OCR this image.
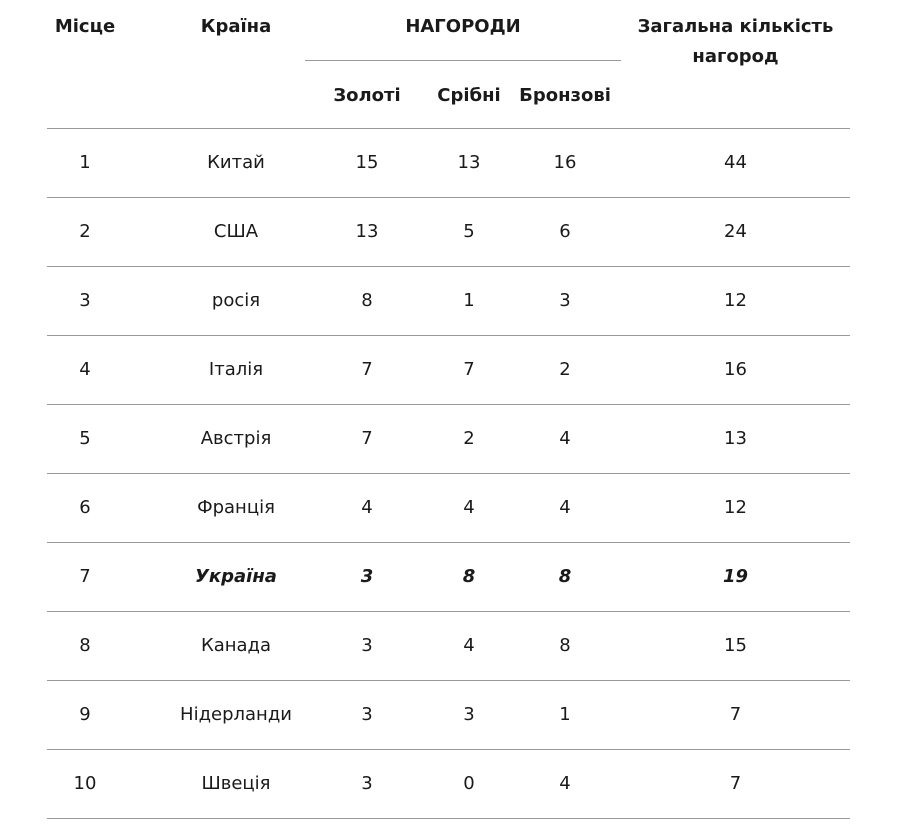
Місце	Країна	НАГОРОДИ
Золоті	Срібні	Бронзові
Загальна кількість нагород
1	Китай	15	13	16	44
2	США	13	5	6	24
3	росія	8	1	3	12
4	Італія	7	7	2	16
5	Австрія	7	2	4	13
6	Франція	4	4	4	12
7	Україна	3	8	8	19
8	Канада	3	4	8	15
9	Нідерланди	3	3	1	7
10	Швеція	3	0	4	7
